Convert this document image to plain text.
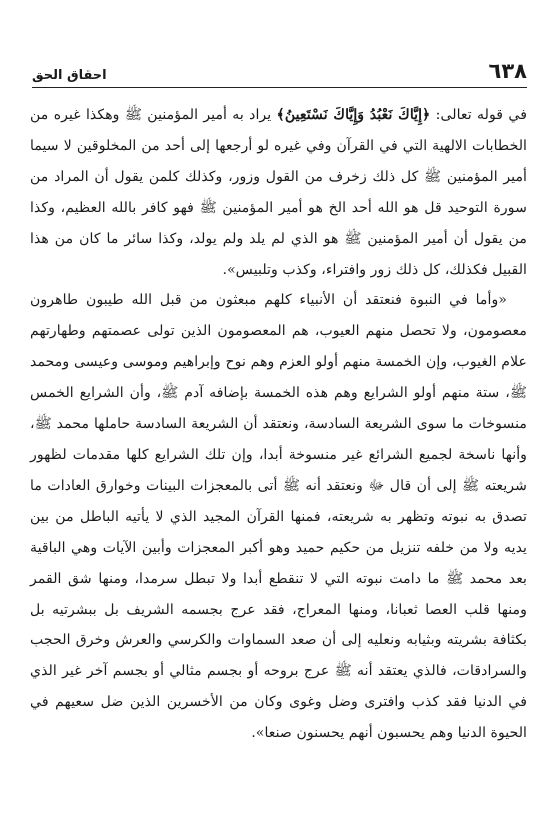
٦٣٨
احقاق الحق

في قوله تعالى: ﴿إِيَّاكَ نَعْبُدُ وَإِيَّاكَ نَسْتَعِينُ﴾ يراد به أمير المؤمنين ﷺ وهكذا غيره من الخطابات الالهية التي في القرآن وفي غيره لو أرجعها إلى أحد من المخلوقين لا سيما أمير المؤمنين ﷺ كل ذلك زخرف من القول وزور، وكذلك كلمن يقول أن المراد من سورة التوحيد قل هو الله أحد الخ هو أمير المؤمنين ﷺ فهو كافر بالله العظيم، وكذا من يقول أن أمير المؤمنين ﷺ هو الذي لم يلد ولم يولد، وكذا سائر ما كان من هذا القبيل فكذلك، كل ذلك زور وافتراء، وكذب وتلبيس».

«وأما في النبوة فنعتقد أن الأنبياء كلهم مبعثون من قبل الله طيبون طاهرون معصومون، ولا تحصل منهم العيوب، هم المعصومون الذين تولى عصمتهم وطهارتهم علام الغيوب، وإن الخمسة منهم أولو العزم وهم نوح وإبراهيم وموسى وعيسى ومحمد ﷺ، ستة منهم أولو الشرايع وهم هذه الخمسة بإضافه آدم ﷺ، وأن الشرايع الخمس منسوخات ما سوى الشريعة السادسة، ونعتقد أن الشريعة السادسة حاملها محمد ﷺ، وأنها ناسخة لجميع الشرائع غير منسوخة أبدا، وإن تلك الشرايع كلها مقدمات لظهور شريعته ﷺ إلى أن قال ﷻ ونعتقد أنه ﷺ أتى بالمعجزات البينات وخوارق العادات ما تصدق به نبوته وتظهر به شريعته، فمنها القرآن المجيد الذي لا يأتيه الباطل من بين يديه ولا من خلفه تنزيل من حكيم حميد وهو أكبر المعجزات وأبين الآيات وهي الباقية بعد محمد ﷺ ما دامت نبوته التي لا تنقطع أبدا ولا تبطل سرمدا، ومنها شق القمر ومنها قلب العصا ثعبانا، ومنها المعراج، فقد عرج بجسمه الشريف بل ببشرتيه بل بكثافة بشريته وبثيابه ونعليه إلى أن صعد السماوات والكرسي والعرش وخرق الحجب والسرادقات، فالذي يعتقد أنه ﷺ عرج بروحه أو بجسم مثالي أو بجسم آخر غير الذي في الدنيا فقد كذب وافترى وضل وغوى وكان من الأخسرين الذين ضل سعيهم في الحيوة الدنيا وهم يحسبون أنهم يحسنون صنعا».
